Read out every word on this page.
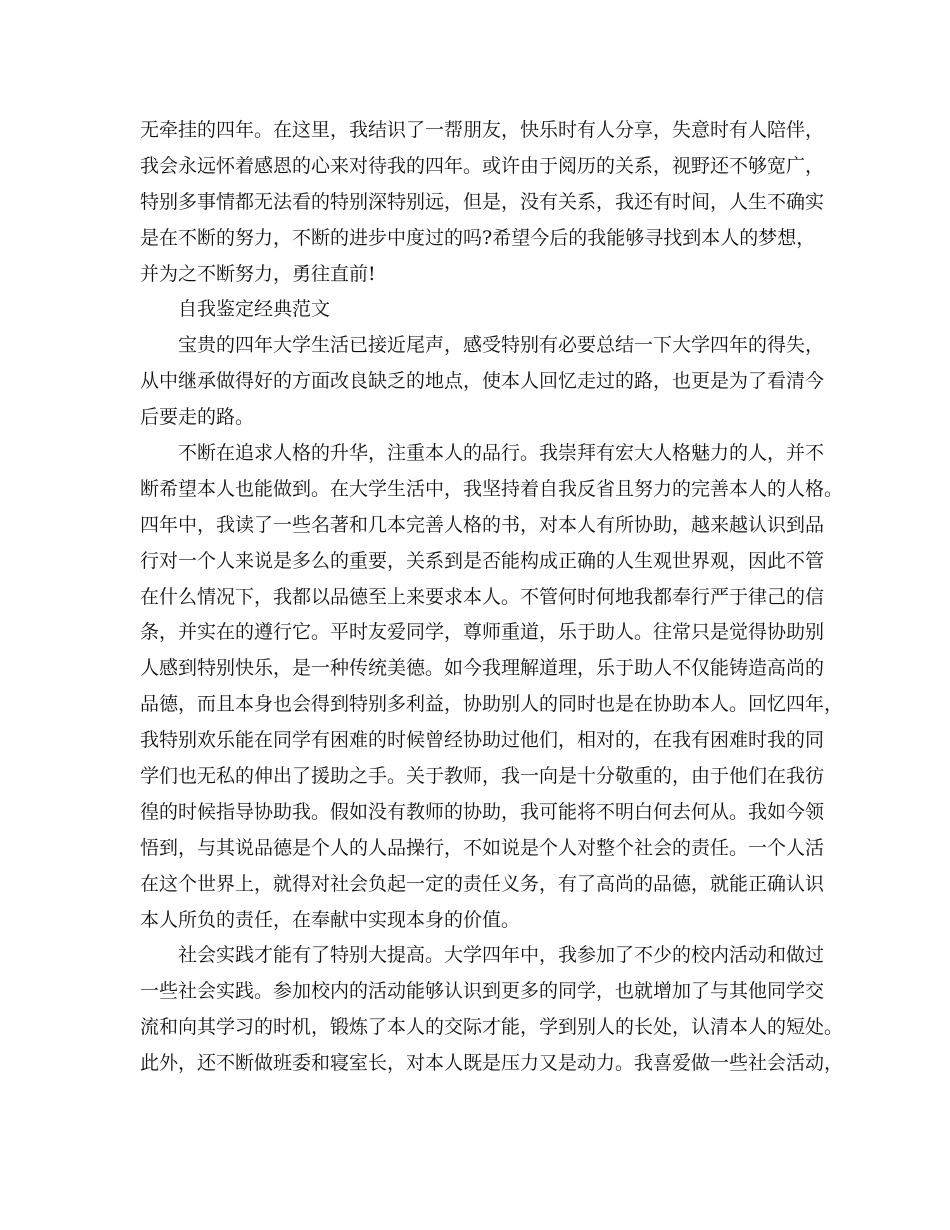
无牵挂的四年。在这里，我结识了一帮朋友，快乐时有人分享，失意时有人陪伴，
我会永远怀着感恩的心来对待我的四年。或许由于阅历的关系，视野还不够宽广，
特别多事情都无法看的特别深特别远，但是，没有关系，我还有时间，人生不确实
是在不断的努力，不断的进步中度过的吗?希望今后的我能够寻找到本人的梦想，
并为之不断努力，勇往直前!
自我鉴定经典范文
宝贵的四年大学生活已接近尾声，感受特别有必要总结一下大学四年的得失，
从中继承做得好的方面改良缺乏的地点，使本人回忆走过的路，也更是为了看清今
后要走的路。
不断在追求人格的升华，注重本人的品行。我崇拜有宏大人格魅力的人，并不
断希望本人也能做到。在大学生活中，我坚持着自我反省且努力的完善本人的人格。
四年中，我读了一些名著和几本完善人格的书，对本人有所协助，越来越认识到品
行对一个人来说是多么的重要，关系到是否能构成正确的人生观世界观，因此不管
在什么情况下，我都以品德至上来要求本人。不管何时何地我都奉行严于律己的信
条，并实在的遵行它。平时友爱同学，尊师重道，乐于助人。往常只是觉得协助别
人感到特别快乐，是一种传统美德。如今我理解道理，乐于助人不仅能铸造高尚的
品德，而且本身也会得到特别多利益，协助别人的同时也是在协助本人。回忆四年，
我特别欢乐能在同学有困难的时候曾经协助过他们，相对的，在我有困难时我的同
学们也无私的伸出了援助之手。关于教师，我一向是十分敬重的，由于他们在我彷
徨的时候指导协助我。假如没有教师的协助，我可能将不明白何去何从。我如今领
悟到，与其说品德是个人的人品操行，不如说是个人对整个社会的责任。一个人活
在这个世界上，就得对社会负起一定的责任义务，有了高尚的品德，就能正确认识
本人所负的责任，在奉献中实现本身的价值。
社会实践才能有了特别大提高。大学四年中，我参加了不少的校内活动和做过
一些社会实践。参加校内的活动能够认识到更多的同学，也就增加了与其他同学交
流和向其学习的时机，锻炼了本人的交际才能，学到别人的长处，认清本人的短处。
此外，还不断做班委和寝室长，对本人既是压力又是动力。我喜爱做一些社会活动，
